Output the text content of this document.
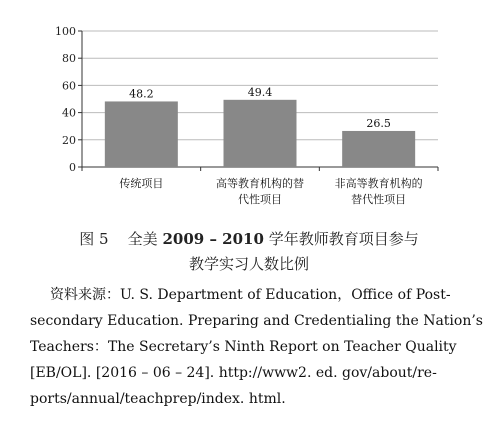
0
20
40
60
80
100
48.2
传统项目
49.4
高等教育机构的替
代性项目
26.5
非高等教育机构的
替代性项目
图 5 全美 2009 – 2010 学年教师教育项目参与
教学实习人数比例
资料来源：U. S. Department of Education，Office of Post-
secondary Education. Preparing and Credentialing the Nation’s
Teachers：The Secretary’s Ninth Report on Teacher Quality
[EB/OL]. [2016 – 06 – 24]. http://www2. ed. gov/about/re-
ports/annual/teachprep/index. html.
